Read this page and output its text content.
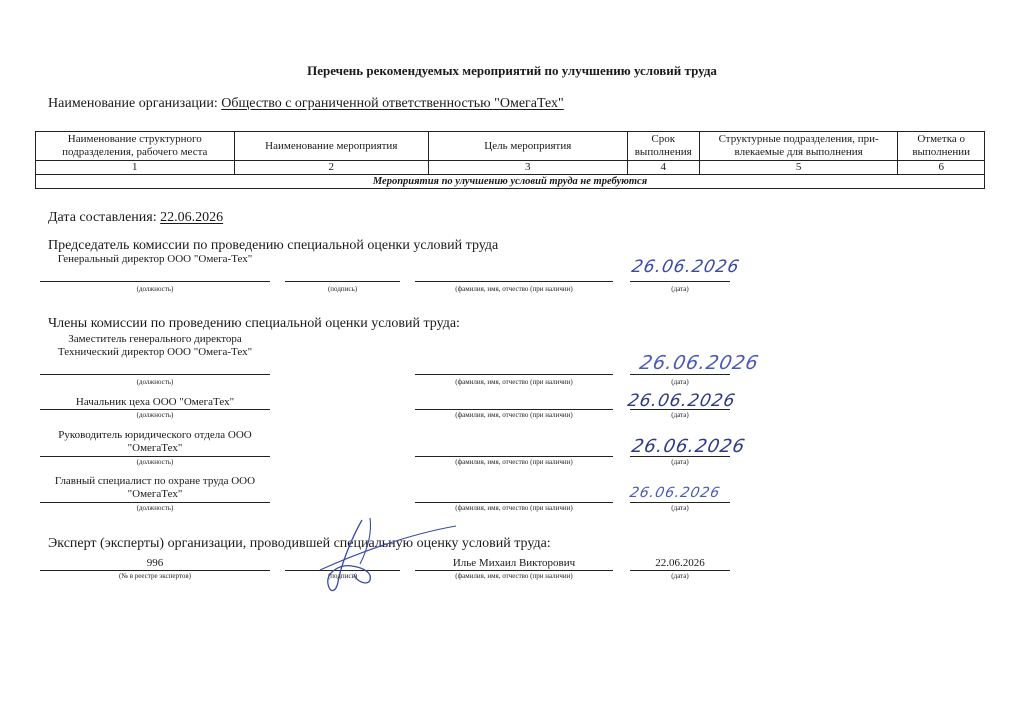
Перечень рекомендуемых мероприятий по улучшению условий труда
Наименование организации: Общество с ограниченной ответственностью "ОмегаТех"
Наименование структурного подразделения, рабочего места	Наименование мероприятия	Цель мероприятия	Срок выполнения	Структурные подразделения, при-влекаемые для выполнения	Отметка о выполнении
1	2	3	4	5	6
Мероприятия по улучшению условий труда не требуются					
Дата составления: 22.06.2026
Председатель комиссии по проведению специальной оценки условий труда
Генеральный директор ООО "Омега-Тех"	26.06.2026
(должность)	(подпись)	(фамилия, имя, отчество (при наличии)	(дата)
Члены комиссии по проведению специальной оценки условий труда:
Заместитель генерального директора Технический директор ООО "Омега-Тех"	26.06.2026
(должность)	(фамилия, имя, отчество (при наличии)	(дата)
Начальник цеха ООО "ОмегаТех"	26.06.2026
(должность)	(фамилия, имя, отчество (при наличии)	(дата)
Руководитель юридического отдела ООО "ОмегаТех"	26.06.2026
(должность)	(фамилия, имя, отчество (при наличии)	(дата)
Главный специалист по охране труда ООО "ОмегаТех"	26.06.2026
(должность)	(фамилия, имя, отчество (при наличии)	(дата)
Эксперт (эксперты) организации, проводившей специальную оценку условий труда:
996	Илье Михаил Викторович	22.06.2026
(№ в реестре экспертов)	(подпись)	(фамилия, имя, отчество (при наличии)	(дата)
